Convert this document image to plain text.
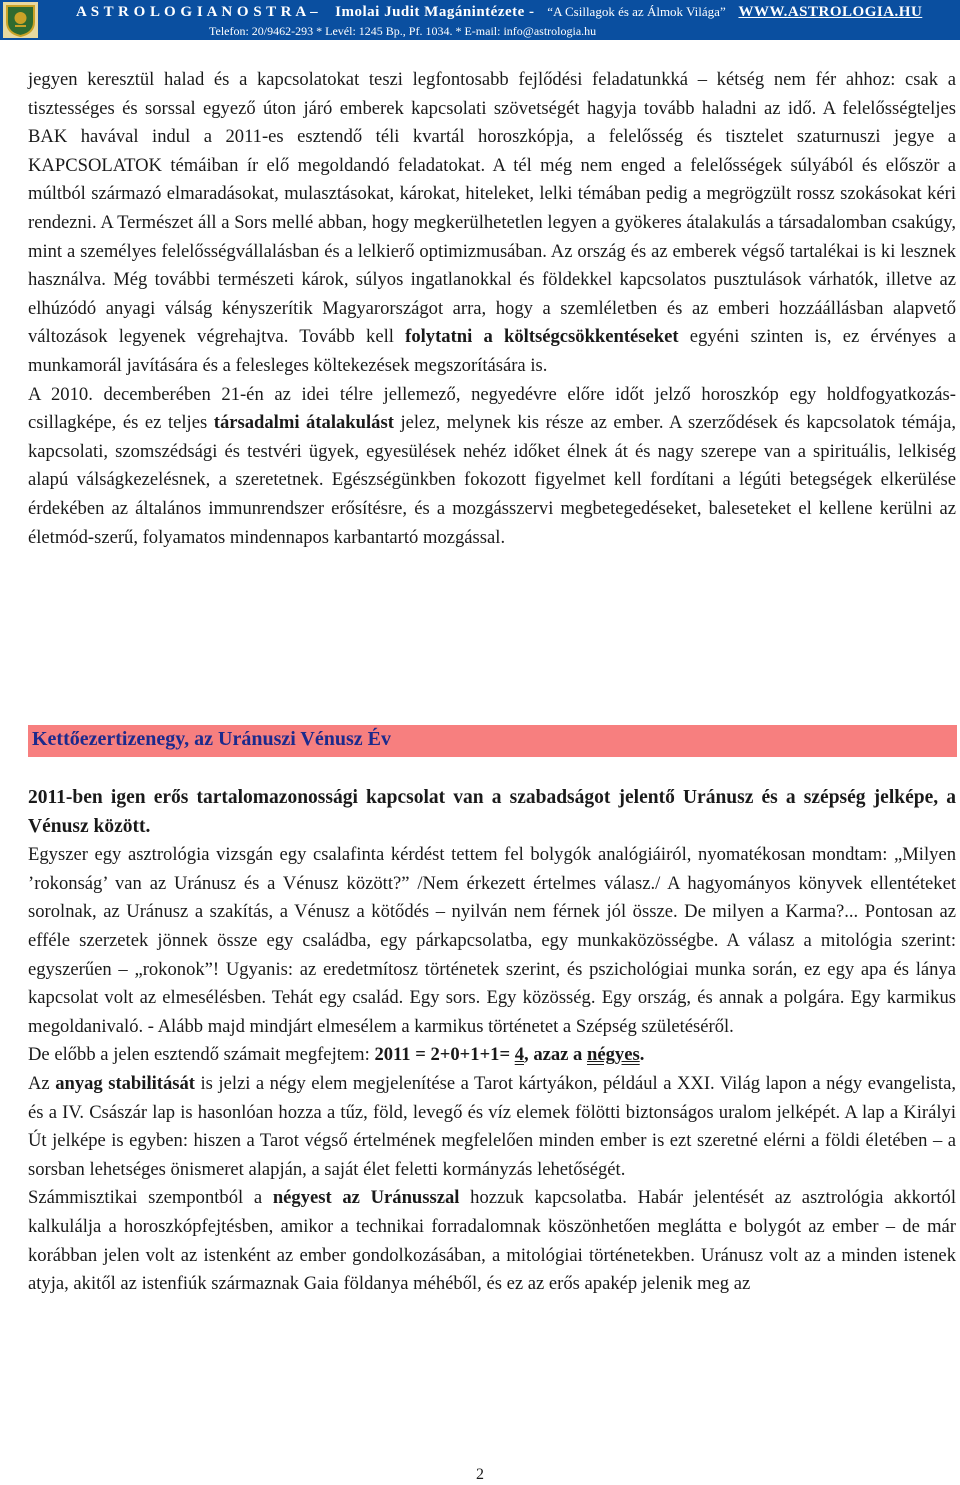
A S T R O L O G I A N O S T R A – Imolai Judit Magánintézete - “A Csillagok és az Álmok Világa” WWW.ASTROLOGIA.HU
Telefon: 20/9462-293 * Levél: 1245 Bp., Pf. 1034. * E-mail: info@astrologia.hu

jegyen keresztül halad és a kapcsolatokat teszi legfontosabb fejlődési feladatunkká – kétség nem fér ahhoz: csak a tisztességes és sorssal egyező úton járó emberek kapcsolati szövetségét hagyja tovább haladni az idő. A felelősségteljes BAK havával indul a 2011-es esztendő téli kvartál horoszkópja, a felelősség és tisztelet szaturnuszi jegye a KAPCSOLATOK témáiban ír elő megoldandó feladatokat. A tél még nem enged a felelősségek súlyából és először a múltból származó elmaradásokat, mulasztásokat, károkat, hiteleket, lelki témában pedig a megrögzült rossz szokásokat kéri rendezni. A Természet áll a Sors mellé abban, hogy megkerülhetetlen legyen a gyökeres átalakulás a társadalomban csakúgy, mint a személyes felelősségvállalásban és a lelkierő optimizmusában. Az ország és az emberek végső tartalékai is ki lesznek használva. Még további természeti károk, súlyos ingatlanokkal és földekkel kapcsolatos pusztulások várhatók, illetve az elhúzódó anyagi válság kényszerítik Magyarországot arra, hogy a szemléletben és az emberi hozzáállásban alapvető változások legyenek végrehajtva. Tovább kell folytatni a költségcsökkentéseket egyéni szinten is, ez érvényes a munkamorál javítására és a felesleges költekezések megszorítására is.

A 2010. decemberében 21-én az idei télre jellemező, negyedévre előre időt jelző horoszkóp egy holdfogyatkozás-csillagképe, és ez teljes társadalmi átalakulást jelez, melynek kis része az ember. A szerződések és kapcsolatok témája, kapcsolati, szomszédsági és testvéri ügyek, egyesülések nehéz időket élnek át és nagy szerepe van a spirituális, lelkiség alapú válságkezelésnek, a szeretetnek. Egészségünkben fokozott figyelmet kell fordítani a légúti betegségek elkerülése érdekében az általános immunrendszer erősítésre, és a mozgásszervi megbetegedéseket, baleseteket el kellene kerülni az életmód-szerű, folyamatos mindennapos karbantartó mozgással.

Kettőezertizenegy, az Uránuszi Vénusz Év

2011-ben igen erős tartalomazonossági kapcsolat van a szabadságot jelentő Uránusz és a szépség jelképe, a Vénusz között.

Egyszer egy asztrológia vizsgán egy csalafinta kérdést tettem fel bolygók analógiáiról, nyomatékosan mondtam: „Milyen ’rokonság’ van az Uránusz és a Vénusz között?” /Nem érkezett értelmes válasz./ A hagyományos könyvek ellentéteket sorolnak, az Uránusz a szakítás, a Vénusz a kötődés – nyilván nem férnek jól össze. De milyen a Karma?... Pontosan az efféle szerzetek jönnek össze egy családba, egy párkapcsolatba, egy munkaközösségbe. A válasz a mitológia szerint: egyszerűen – „rokonok”! Ugyanis: az eredetmítosz történetek szerint, és pszichológiai munka során, ez egy apa és lánya kapcsolat volt az elmesélésben. Tehát egy család. Egy sors. Egy közösség. Egy ország, és annak a polgára. Egy karmikus megoldanivaló. - Alább majd mindjárt elmesélem a karmikus történetet a Szépség születéséről.

De előbb a jelen esztendő számait megfejtem: 2011 = 2+0+1+1= 4, azaz a négyes.

Az anyag stabilitását is jelzi a négy elem megjelenítése a Tarot kártyákon, például a XXI. Világ lapon a négy evangelista, és a IV. Császár lap is hasonlóan hozza a tűz, föld, levegő és víz elemek fölötti biztonságos uralom jelképét. A lap a Királyi Út jelképe is egyben: hiszen a Tarot végső értelmének megfelelően minden ember is ezt szeretné elérni a földi életében – a sorsban lehetséges önismeret alapján, a saját élet feletti kormányzás lehetőségét.

Számmisztikai szempontból a négyest az Uránusszal hozzuk kapcsolatba. Habár jelentését az asztrológia akkortól kalkulálja a horoszkópfejtésben, amikor a technikai forradalomnak köszönhetően meglátta e bolygót az ember – de már korábban jelen volt az istenként az ember gondolkozásában, a mitológiai történetekben. Uránusz volt az a minden istenek atyja, akitől az istenfiúk származnak Gaia földanya méhéből, és ez az erős apakép jelenik meg az

2
